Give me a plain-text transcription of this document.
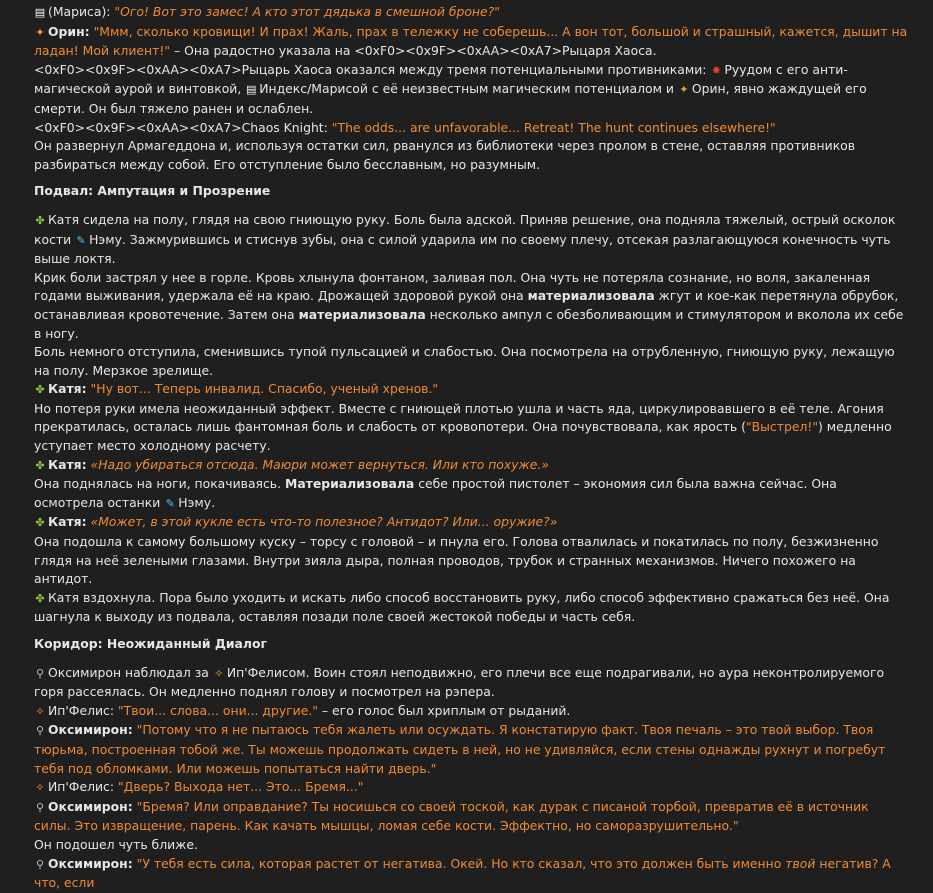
▤ (Мариса): "Ого! Вот это замес! А кто этот дядька в смешной броне?"

✦ Орин: "Ммм, сколько кровищи! И прах! Жаль, прах в тележку не соберешь... А вон тот, большой и страшный, кажется, дышит на ладан! Мой клиент!" – Она радостно указала на <0xF0><0x9F><0xAA><0xA7>Рыцаря Хаоса.

<0xF0><0x9F><0xAA><0xA7>Рыцарь Хаоса оказался между тремя потенциальными противниками: ✸ Руудом с его анти-магической аурой и винтовкой, ▤ Индекс/Марисой с её неизвестным магическим потенциалом и ✦ Орин, явно жаждущей его смерти. Он был тяжело ранен и ослаблен.

<0xF0><0x9F><0xAA><0xA7>Chaos Knight: "The odds... are unfavorable... Retreat! The hunt continues elsewhere!"

Он развернул Армагеддона и, используя остатки сил, рванулся из библиотеки через пролом в стене, оставляя противников разбираться между собой. Его отступление было бесславным, но разумным.

Подвал: Ампутация и Прозрение

✤ Катя сидела на полу, глядя на свою гниющую руку. Боль была адской. Приняв решение, она подняла тяжелый, острый осколок кости ✎ Нэму. Зажмурившись и стиснув зубы, она с силой ударила им по своему плечу, отсекая разлагающуюся конечность чуть выше локтя.

Крик боли застрял у нее в горле. Кровь хлынула фонтаном, заливая пол. Она чуть не потеряла сознание, но воля, закаленная годами выживания, удержала её на краю. Дрожащей здоровой рукой она материализовала жгут и кое-как перетянула обрубок, останавливая кровотечение. Затем она материализовала несколько ампул с обезболивающим и стимулятором и вколола их себе в ногу.

Боль немного отступила, сменившись тупой пульсацией и слабостью. Она посмотрела на отрубленную, гниющую руку, лежащую на полу. Мерзкое зрелище.

✤ Катя: "Ну вот... Теперь инвалид. Спасибо, ученый хренов."

Но потеря руки имела неожиданный эффект. Вместе с гниющей плотью ушла и часть яда, циркулировавшего в её теле. Агония прекратилась, осталась лишь фантомная боль и слабость от кровопотери. Она почувствовала, как ярость ("Выстрел!") медленно уступает место холодному расчету.

✤ Катя: «Надо убираться отсюда. Маюри может вернуться. Или кто похуже.»

Она поднялась на ноги, покачиваясь. Материализовала себе простой пистолет – экономия сил была важна сейчас. Она осмотрела останки ✎ Нэму.

✤ Катя: «Может, в этой кукле есть что-то полезное? Антидот? Или... оружие?»

Она подошла к самому большому куску – торсу с головой – и пнула его. Голова отвалилась и покатилась по полу, безжизненно глядя на неё зелеными глазами. Внутри зияла дыра, полная проводов, трубок и странных механизмов. Ничего похожего на антидот.

✤ Катя вздохнула. Пора было уходить и искать либо способ восстановить руку, либо способ эффективно сражаться без неё. Она шагнула к выходу из подвала, оставляя позади поле своей жестокой победы и часть себя.

Коридор: Неожиданный Диалог

⚲ Оксимирон наблюдал за ✧ Ип'Фелисом. Воин стоял неподвижно, его плечи все еще подрагивали, но аура неконтролируемого горя рассеялась. Он медленно поднял голову и посмотрел на рэпера.

✧ Ип'Фелис: "Твои... слова... они... другие." – его голос был хриплым от рыданий.

⚲ Оксимирон: "Потому что я не пытаюсь тебя жалеть или осуждать. Я констатирую факт. Твоя печаль – это твой выбор. Твоя тюрьма, построенная тобой же. Ты можешь продолжать сидеть в ней, но не удивляйся, если стены однажды рухнут и погребут тебя под обломками. Или можешь попытаться найти дверь."

✧ Ип'Фелис: "Дверь? Выхода нет... Это... Бремя..."

⚲ Оксимирон: "Бремя? Или оправдание? Ты носишься со своей тоской, как дурак с писаной торбой, превратив её в источник силы. Это извращение, парень. Как качать мышцы, ломая себе кости. Эффектно, но саморазрушительно."

Он подошел чуть ближе.

⚲ Оксимирон: "У тебя есть сила, которая растет от негатива. Окей. Но кто сказал, что это должен быть именно твой негатив? А что, если
